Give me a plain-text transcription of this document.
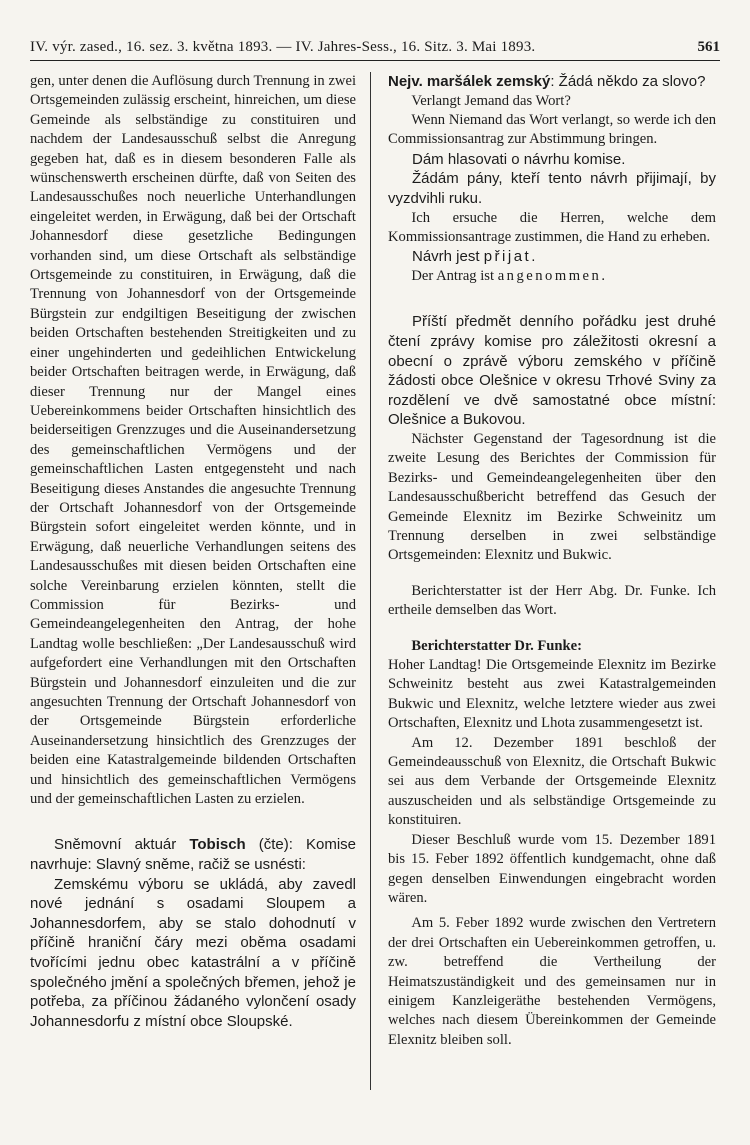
IV. výr. zased., 16. sez. 3. května 1893. — IV. Jahres-Sess., 16. Sitz. 3. Mai 1893.	561

gen, unter denen die Auflösung durch Trennung in zwei Ortsgemeinden zulässig erscheint, hinreichen, um diese Gemeinde als selbständige zu constituiren und nachdem der Landesausschuß selbst die Anregung gegeben hat, daß es in diesem besonderen Falle als wünschenswerth erscheinen dürfte, daß von Seiten des Landesausschußes noch neuerliche Unterhandlungen eingeleitet werden, in Erwägung, daß bei der Ortschaft Johannesdorf diese gesetzliche Bedingungen vorhanden sind, um diese Ortschaft als selbständige Ortsgemeinde zu constituiren, in Erwägung, daß die Trennung von Johannesdorf von der Ortsgemeinde Bürgstein zur endgiltigen Beseitigung der zwischen beiden Ortschaften bestehenden Streitigkeiten und zu einer ungehinderten und gedeihlichen Entwickelung beider Ortschaften beitragen werde, in Erwägung, daß dieser Trennung nur der Mangel eines Uebereinkommens beider Ortschaften hinsichtlich des beiderseitigen Grenzzuges und die Auseinandersetzung des gemeinschaftlichen Vermögens und der gemeinschaftlichen Lasten entgegensteht und nach Beseitigung dieses Anstandes die angesuchte Trennung der Ortschaft Johannesdorf von der Ortsgemeinde Bürgstein sofort eingeleitet werden könnte, und in Erwägung, daß neuerliche Verhandlungen seitens des Landesausschußes mit diesen beiden Ortschaften eine solche Vereinbarung erzielen könnten, stellt die Commission für Bezirks- und Gemeindeangelegenheiten den Antrag, der hohe Landtag wolle beschließen: „Der Landesausschuß wird aufgefordert eine Verhandlungen mit den Ortschaften Bürgstein und Johannesdorf einzuleiten und die zur angesuchten Trennung der Ortschaft Johannesdorf von der Ortsgemeinde Bürgstein erforderliche Auseinandersetzung hinsichtlich des Grenzzuges der beiden eine Katastralgemeinde bildenden Ortschaften und hinsichtlich des gemeinschaftlichen Vermögens und der gemeinschaftlichen Lasten zu erzielen.

Sněmovní aktuár Tobisch (čte): Komise navrhuje: Slavný sněme, račiž se usnésti:

Zemskému výboru se ukládá, aby zavedl nové jednání s osadami Sloupem a Johannesdorfem, aby se stalo dohodnutí v příčině hraniční čáry mezi oběma osadami tvořícími jednu obec katastrální a v příčině společného jmění a společných břemen, jehož je potřeba, za příčinou žádaného vylončení osady Johannesdorfu z místní obce Sloupské.

Nejv. maršálek zemský: Žádá někdo za slovo?

Verlangt Jemand das Wort?

Wenn Niemand das Wort verlangt, so werde ich den Commissionsantrag zur Abstimmung bringen.

Dám hlasovati o návrhu komise.

Žádám pány, kteří tento návrh přijimají, by vyzdvihli ruku.

Ich ersuche die Herren, welche dem Kommissionsantrage zustimmen, die Hand zu erheben.

Návrh jest přijat.

Der Antrag ist angenommen.

Příští předmět denního pořádku jest druhé čtení zprávy komise pro záležitosti okresní a obecní o zprávě výboru zemského v příčině žádosti obce Olešnice v okresu Trhové Sviny za rozdělení ve dvě samostatné obce místní: Olešnice a Bukovou.

Nächster Gegenstand der Tagesordnung ist die zweite Lesung des Berichtes der Commission für Bezirks- und Gemeindeangelegenheiten über den Landesausschußbericht betreffend das Gesuch der Gemeinde Elexnitz im Bezirke Schweinitz um Trennung derselben in zwei selbständige Ortsgemeinden: Elexnitz und Bukwic.

Berichterstatter ist der Herr Abg. Dr. Funke. Ich ertheile demselben das Wort.

Berichterstatter Dr. Funke:

Hoher Landtag! Die Ortsgemeinde Elexnitz im Bezirke Schweinitz besteht aus zwei Katastralgemeinden Bukwic und Elexnitz, welche letztere wieder aus zwei Ortschaften, Elexnitz und Lhota zusammengesetzt ist.

Am 12. Dezember 1891 beschloß der Gemeindeausschuß von Elexnitz, die Ortschaft Bukwic sei aus dem Verbande der Ortsgemeinde Elexnitz auszuscheiden und als selbständige Ortsgemeinde zu konstituiren.

Dieser Beschluß wurde vom 15. Dezember 1891 bis 15. Feber 1892 öffentlich kundgemacht, ohne daß gegen denselben Einwendungen eingebracht worden wären.

Am 5. Feber 1892 wurde zwischen den Vertretern der drei Ortschaften ein Uebereinkommen getroffen, u. zw. betreffend die Vertheilung der Heimatszuständigkeit und des gemeinsamen nur in einigem Kanzleigeräthe bestehenden Vermögens, welches nach diesem Übereinkommen der Gemeinde Elexnitz bleiben soll.
